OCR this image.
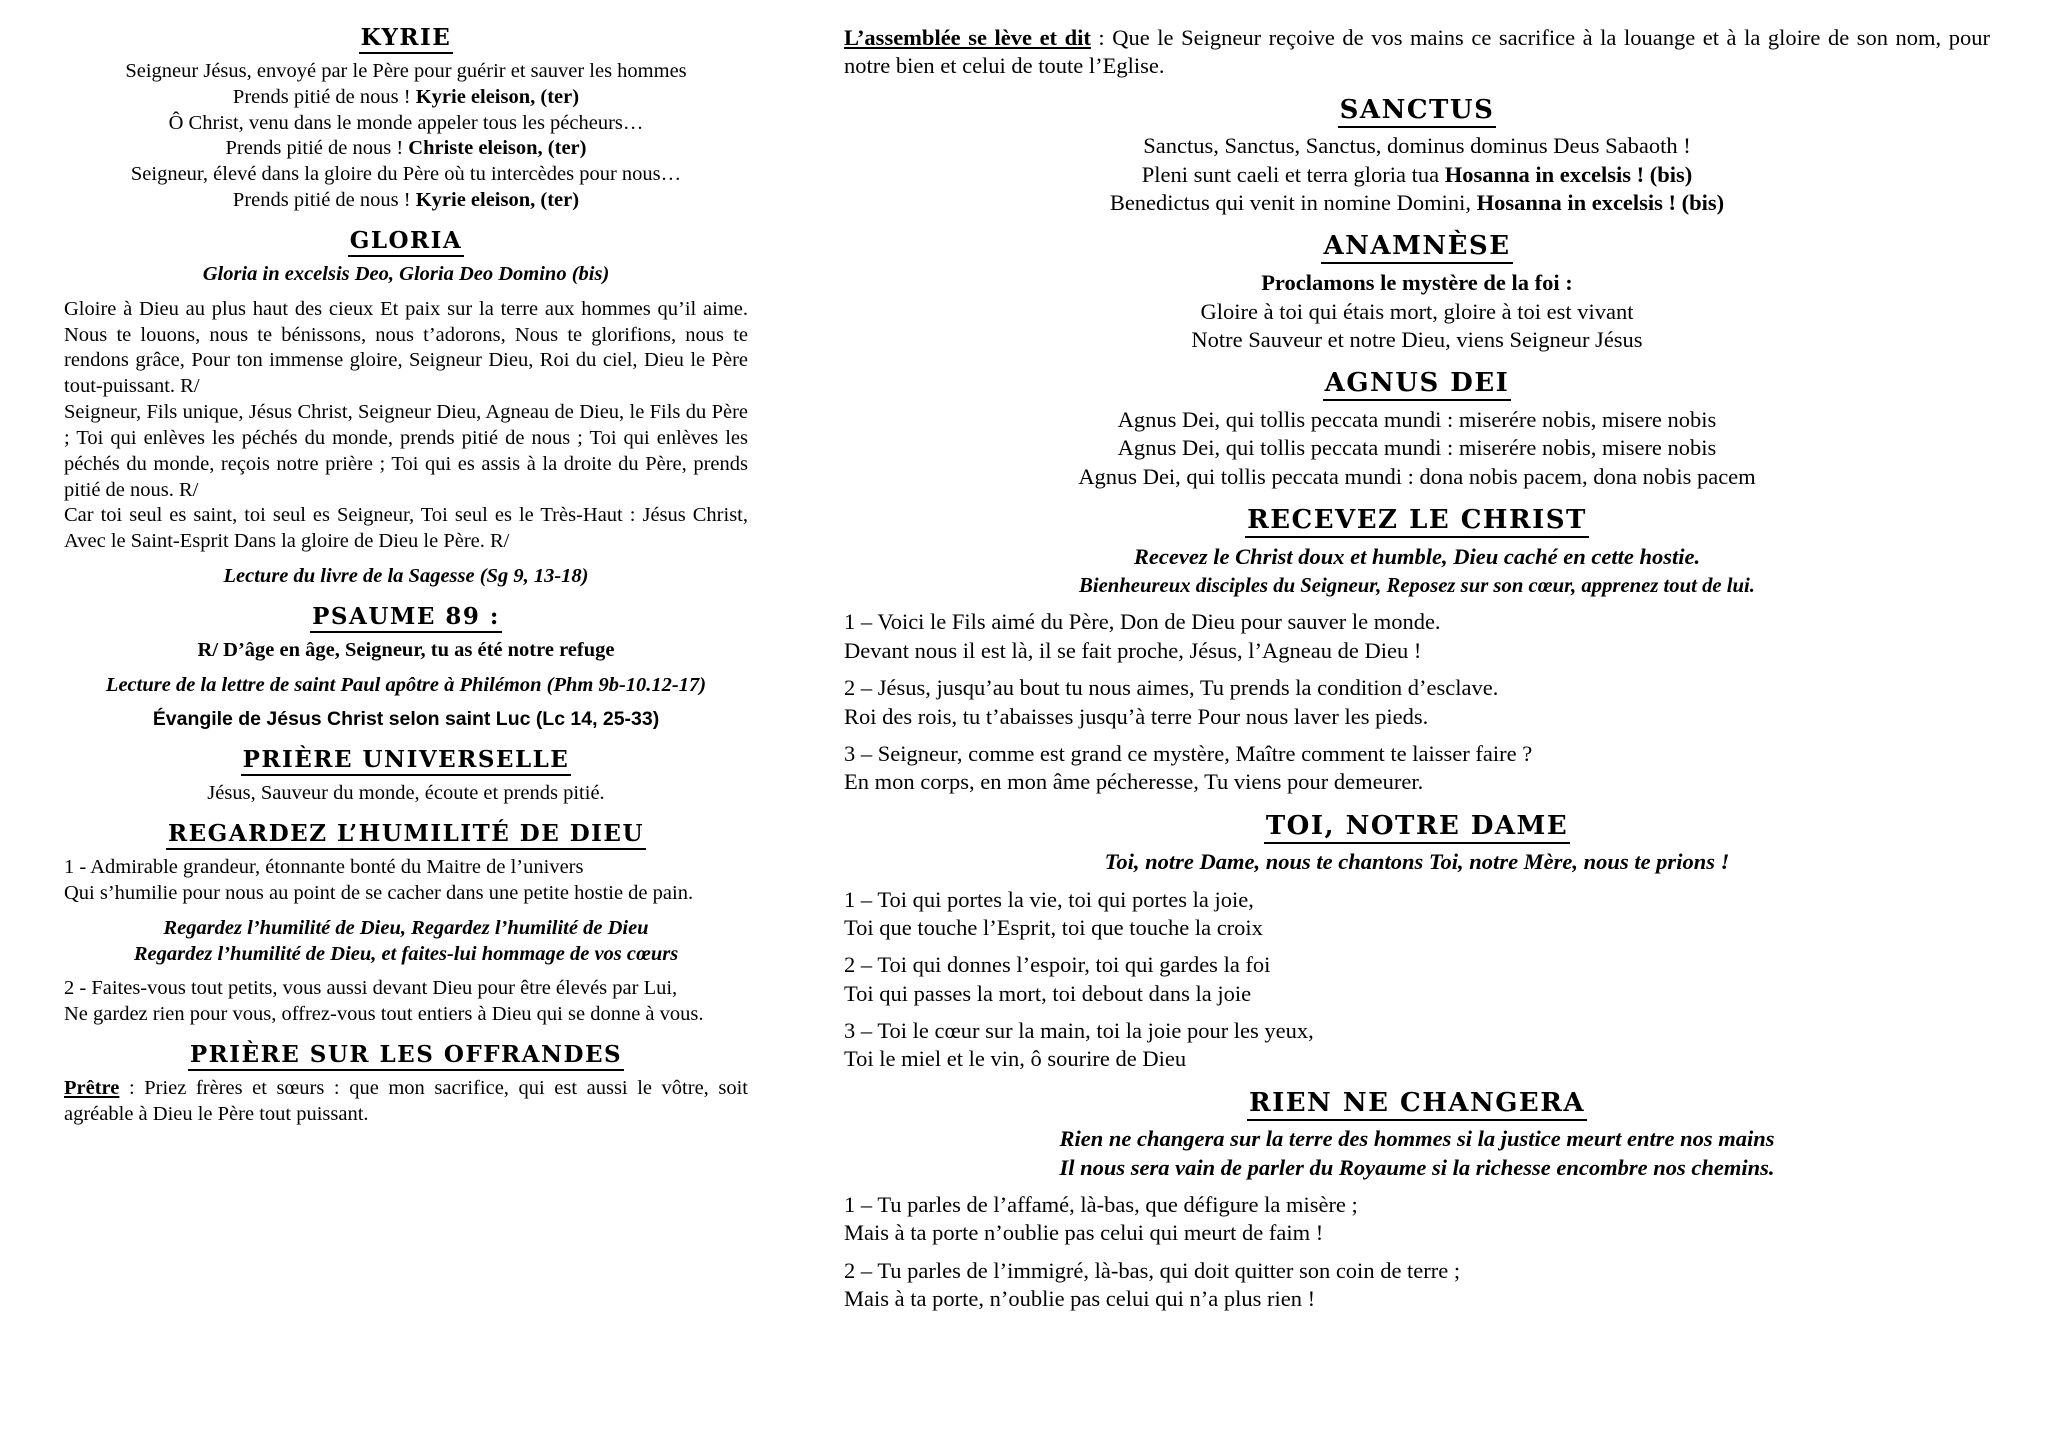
KYRIE
Seigneur Jésus, envoyé par le Père pour guérir et sauver les hommes
Prends pitié de nous ! Kyrie eleison, (ter)
Ô Christ, venu dans le monde appeler tous les pécheurs…
Prends pitié de nous ! Christe eleison, (ter)
Seigneur, élevé dans la gloire du Père où tu intercèdes pour nous…
Prends pitié de nous ! Kyrie eleison, (ter)
GLORIA
Gloria in excelsis Deo, Gloria Deo Domino (bis)

Gloire à Dieu au plus haut des cieux Et paix sur la terre aux hommes qu’il aime. Nous te louons, nous te bénissons, nous t’adorons, Nous te glorifions, nous te rendons grâce, Pour ton immense gloire, Seigneur Dieu, Roi du ciel, Dieu le Père tout-puissant. R/

Seigneur, Fils unique, Jésus Christ, Seigneur Dieu, Agneau de Dieu, le Fils du Père ; Toi qui enlèves les péchés du monde, prends pitié de nous ; Toi qui enlèves les péchés du monde, reçois notre prière ; Toi qui es assis à la droite du Père, prends pitié de nous. R/

Car toi seul es saint, toi seul es Seigneur, Toi seul es le Très-Haut : Jésus Christ, Avec le Saint-Esprit Dans la gloire de Dieu le Père. R/

Lecture du livre de la Sagesse (Sg 9, 13-18)
PSAUME 89 :
R/ D’âge en âge, Seigneur, tu as été notre refuge
Lecture de la lettre de saint Paul apôtre à Philémon (Phm 9b-10.12-17)
Évangile de Jésus Christ selon saint Luc (Lc 14, 25-33)
PRIÈRE UNIVERSELLE
Jésus, Sauveur du monde, écoute et prends pitié.
REGARDEZ L’HUMILITÉ DE DIEU
1 - Admirable grandeur, étonnante bonté du Maitre de l’univers
Qui s’humilie pour nous au point de se cacher dans une petite hostie de pain.
Regardez l’humilité de Dieu, Regardez l’humilité de Dieu
Regardez l’humilité de Dieu, et faites-lui hommage de vos cœurs
2 - Faites-vous tout petits, vous aussi devant Dieu pour être élevés par Lui,
Ne gardez rien pour vous, offrez-vous tout entiers à Dieu qui se donne à vous.
PRIÈRE SUR LES OFFRANDES

Prêtre : Priez frères et sœurs : que mon sacrifice, qui est aussi le vôtre, soit agréable à Dieu le Père tout puissant.

L’assemblée se lève et dit : Que le Seigneur reçoive de vos mains ce sacrifice à la louange et à la gloire de son nom, pour notre bien et celui de toute l’Eglise.

SANCTUS
Sanctus, Sanctus, Sanctus, dominus dominus Deus Sabaoth !
Pleni sunt caeli et terra gloria tua Hosanna in excelsis ! (bis)
Benedictus qui venit in nomine Domini, Hosanna in excelsis ! (bis)
ANAMNÈSE
Proclamons le mystère de la foi :
Gloire à toi qui étais mort, gloire à toi est vivant
Notre Sauveur et notre Dieu, viens Seigneur Jésus
AGNUS DEI
Agnus Dei, qui tollis peccata mundi : miserére nobis, misere nobis
Agnus Dei, qui tollis peccata mundi : miserére nobis, misere nobis
Agnus Dei, qui tollis peccata mundi : dona nobis pacem, dona nobis pacem
RECEVEZ LE CHRIST
Recevez le Christ doux et humble, Dieu caché en cette hostie.
Bienheureux disciples du Seigneur, Reposez sur son cœur, apprenez tout de lui.
1 – Voici le Fils aimé du Père, Don de Dieu pour sauver le monde.
Devant nous il est là, il se fait proche, Jésus, l’Agneau de Dieu !
2 – Jésus, jusqu’au bout tu nous aimes, Tu prends la condition d’esclave.
Roi des rois, tu t’abaisses jusqu’à terre Pour nous laver les pieds.
3 – Seigneur, comme est grand ce mystère, Maître comment te laisser faire ?
En mon corps, en mon âme pécheresse, Tu viens pour demeurer.
TOI, NOTRE DAME
Toi, notre Dame, nous te chantons Toi, notre Mère, nous te prions !
1 – Toi qui portes la vie, toi qui portes la joie,
Toi que touche l’Esprit, toi que touche la croix
2 – Toi qui donnes l’espoir, toi qui gardes la foi
Toi qui passes la mort, toi debout dans la joie
3 – Toi le cœur sur la main, toi la joie pour les yeux,
Toi le miel et le vin, ô sourire de Dieu
RIEN NE CHANGERA
Rien ne changera sur la terre des hommes si la justice meurt entre nos mains
Il nous sera vain de parler du Royaume si la richesse encombre nos chemins.
1 – Tu parles de l’affamé, là-bas, que défigure la misère ;
Mais à ta porte n’oublie pas celui qui meurt de faim !
2 – Tu parles de l’immigré, là-bas, qui doit quitter son coin de terre ;
Mais à ta porte, n’oublie pas celui qui n’a plus rien !
